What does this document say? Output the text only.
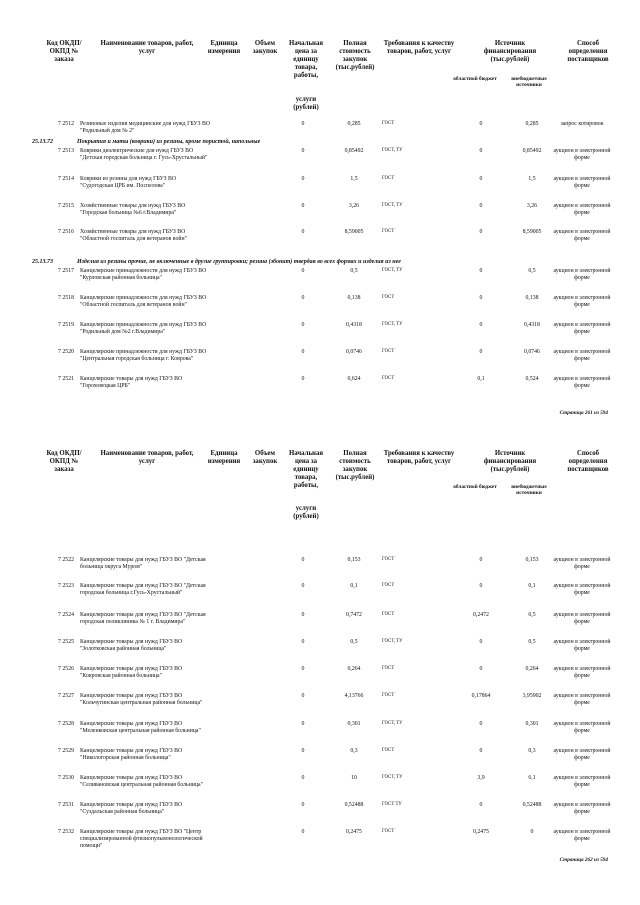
Код ОКДП/ ОКПД № заказа
Наименование товаров, работ, услуг
Единица измерения
Объем закупок
Начальная цена за единицу товара, работы,
услуги (рублей)
Полная стоимость закупок (тыс.рублей)
Требования к качеству товаров, работ, услуг
Источник финансирования (тыс.рублей)
областной бюджет	внебюджетные источники
Способ определения поставщиков
7 2512 Резиновые изделия медицинские для нужд ГБУЗ ВО "Родильный дом № 2"
0	0,285	ГОСТ	0	0,285	запрос котировок
25.13.72	Покрытия и маты (коврики) из резины, кроме пористой, напольные
7 2513 Коврики диэлектрические для нужд ГБУЗ ВО "Детская городская больница г. Гусь-Хрустальный"
0	0,85492	ГОСТ, ТУ	0	0,85492	аукцион в электронной форме
7 2514 Коврики из резины для нужд ГБУЗ ВО "Судогодская ЦРБ им. Поспелова"
0	1,5	ГОСТ	0	1,5	аукцион в электронной форме
7 2515 Хозяйственные товары для нужд ГБУЗ ВО "Городская больница №6 г.Владимира"
0	3,26	ГОСТ, ТУ	0	3,26	аукцион в электронной форме
7 2516 Хозяйственные товары для нужд ГБУЗ ВО "Областной госпиталь для ветеранов войн"
0	8,59005	ГОСТ	0	8,59005	аукцион в электронной форме
25.13.73	Изделия из резины прочие, не включенные в другие группировки; резина (эбонит) твердая во всех формах и изделия из нее
7 2517 Канцелярские принадлежности для нужд ГБУЗ ВО "Курловская районная больница"
0	0,5	ГОСТ, ТУ	0	0,5	аукцион в электронной форме
7 2518 Канцелярские принадлежности для нужд ГБУЗ ВО "Областной госпиталь для ветеранов войн"
0	0,138	ГОСТ	0	0,138	аукцион в электронной форме
7 2519 Канцелярские принадлежности для нужд ГБУЗ ВО "Родильный дом №2 г.Владимира"
0	0,4318	ГОСТ, ТУ	0	0,4318	аукцион в электронной форме
7 2520 Канцелярские принадлежности для нужд ГБУЗ ВО "Центральная городская больница г. Коврова"
0	0,0746	ГОСТ	0	0,0746	аукцион в электронной форме
7 2521 Канцелярские товары для нужд ГБУЗ ВО "Гороховецкая ЦРБ"
0	0,624	ГОСТ	0,1	0,524	аукцион в электронной форме
Страница 261 из 594
Код ОКДП/ ОКПД № заказа
Наименование товаров, работ, услуг
Единица измерения
Объем закупок
Начальная цена за единицу товара, работы,
услуги (рублей)
Полная стоимость закупок (тыс.рублей)
Требования к качеству товаров, работ, услуг
Источник финансирования (тыс.рублей)
областной бюджет	внебюджетные источники
Способ определения поставщиков
7 2522 Канцелярские товары для нужд ГБУЗ ВО "Детская больница округа Муром"
0	0,153	ГОСТ	0	0,153	аукцион в электронной форме
7 2523 Канцелярские товары для нужд ГБУЗ ВО "Детская городская больница г.Гусь-Хрустальный"
0	0,1	ГОСТ	0	0,1	аукцион в электронной форме
7 2524 Канцелярские товары для нужд ГБУЗ ВО "Детская городская поликлиника № 1 г. Владимира"
0	0,7472	ГОСТ	0,2472	0,5	аукцион в электронной форме
7 2525 Канцелярские товары для нужд ГБУЗ ВО "Золотковская районная больница"
0	0,5	ГОСТ, ТУ	0	0,5	аукцион в электронной форме
7 2526 Канцелярские товары для нужд ГБУЗ ВО "Ковровская районная больница"
0	0,264	ГОСТ	0	0,264	аукцион в электронной форме
7 2527 Канцелярские товары для нужд ГБУЗ ВО "Кольчугинская центральная районная больница"
0	4,13766	ГОСТ	0,17864	3,95902	аукцион в электронной форме
7 2528 Канцелярские товары для нужд ГБУЗ ВО "Меленковская центральная районная больница"
0	0,301	ГОСТ, ТУ	0	0,301	аукцион в электронной форме
7 2529 Канцелярские товары для нужд ГБУЗ ВО "Никологорская районная больница"
0	0,3	ГОСТ	0	0,3	аукцион в электронной форме
7 2530 Канцелярские товары для нужд ГБУЗ ВО "Селивановская центральная районная больница"
0	10	ГОСТ, ТУ	3,9	6,1	аукцион в электронной форме
7 2531 Канцелярские товары для нужд ГБУЗ ВО "Суздальская районная больница"
0	0,52488	ГОСТ ТУ	0	0,52488	аукцион в электронной форме
7 2532 Канцелярские товары для нужд ГБУЗ ВО "Центр специализированной фтизиопульмонологической помощи"
0	0,2475	ГОСТ	0,2475	0	аукцион в электронной форме
Страница 262 из 594
